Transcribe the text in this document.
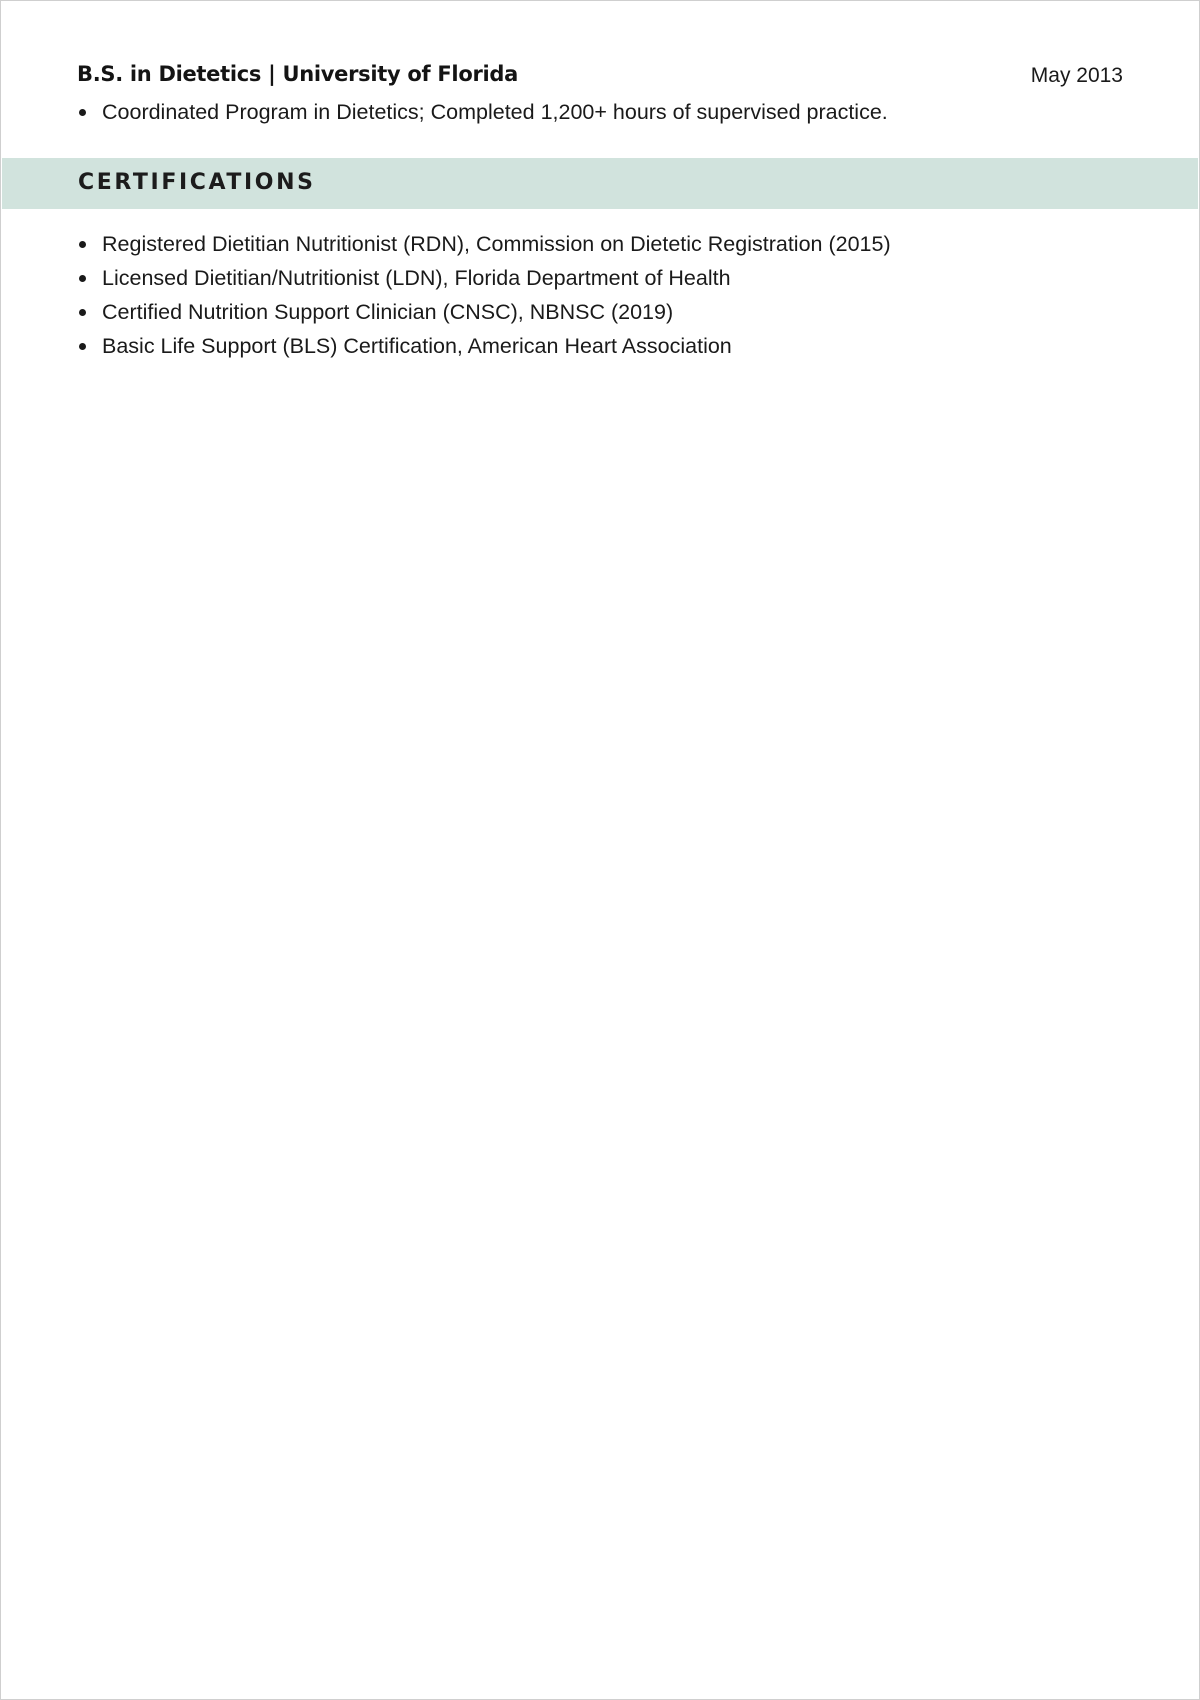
B.S. in Dietetics | University of Florida	May 2013
Coordinated Program in Dietetics; Completed 1,200+ hours of supervised practice.
CERTIFICATIONS
Registered Dietitian Nutritionist (RDN), Commission on Dietetic Registration (2015)
Licensed Dietitian/Nutritionist (LDN), Florida Department of Health
Certified Nutrition Support Clinician (CNSC), NBNSC (2019)
Basic Life Support (BLS) Certification, American Heart Association
